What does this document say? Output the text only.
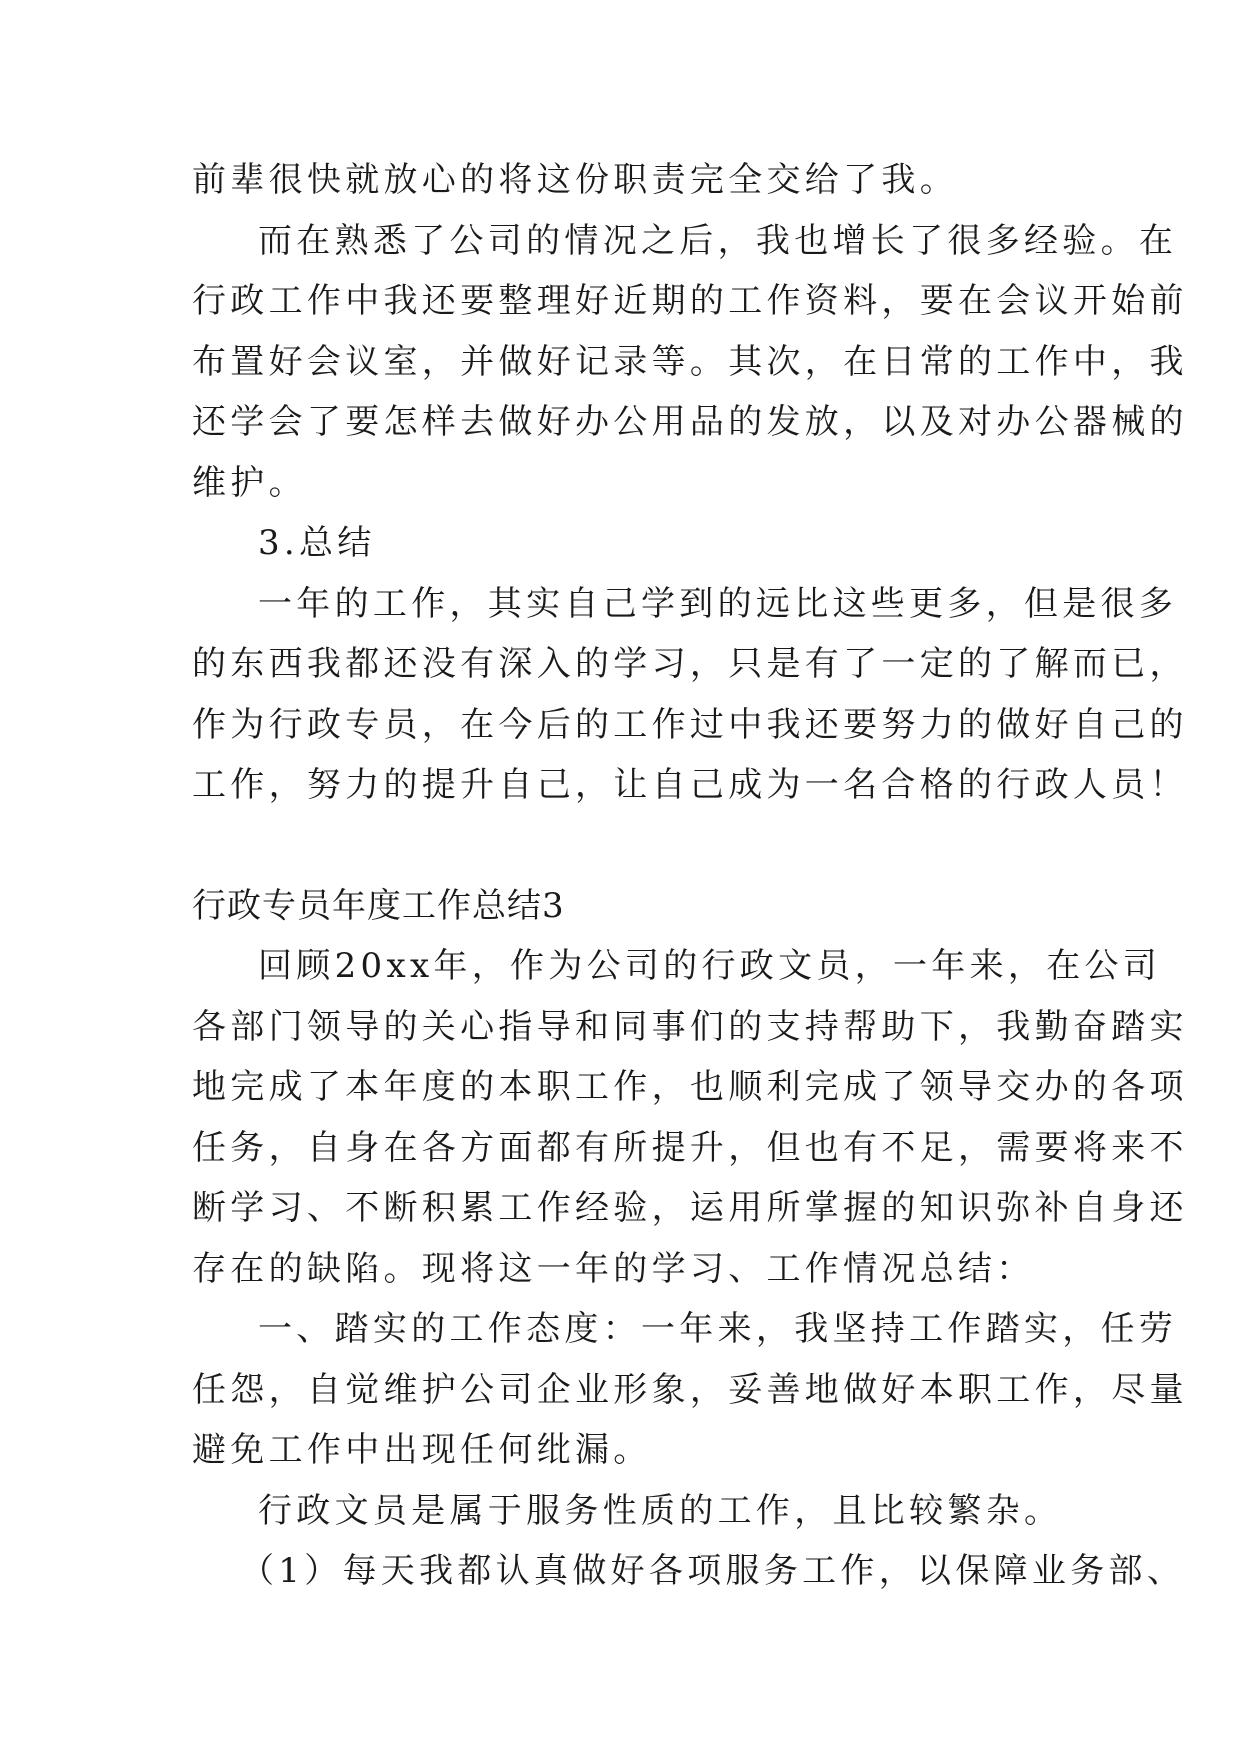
前辈很快就放心的将这份职责完全交给了我。
而在熟悉了公司的情况之后，我也增长了很多经验。在
行政工作中我还要整理好近期的工作资料，要在会议开始前
布置好会议室，并做好记录等。其次，在日常的工作中，我
还学会了要怎样去做好办公用品的发放，以及对办公器械的
维护。
3.总结
一年的工作，其实自己学到的远比这些更多，但是很多
的东西我都还没有深入的学习，只是有了一定的了解而已，
作为行政专员，在今后的工作过中我还要努力的做好自己的
工作，努力的提升自己，让自己成为一名合格的行政人员！
行政专员年度工作总结3
回顾20xx年，作为公司的行政文员，一年来，在公司
各部门领导的关心指导和同事们的支持帮助下，我勤奋踏实
地完成了本年度的本职工作，也顺利完成了领导交办的各项
任务，自身在各方面都有所提升，但也有不足，需要将来不
断学习、不断积累工作经验，运用所掌握的知识弥补自身还
存在的缺陷。现将这一年的学习、工作情况总结：
一、踏实的工作态度：一年来，我坚持工作踏实，任劳
任怨，自觉维护公司企业形象，妥善地做好本职工作，尽量
避免工作中出现任何纰漏。
行政文员是属于服务性质的工作，且比较繁杂。
（1）每天我都认真做好各项服务工作，以保障业务部、
